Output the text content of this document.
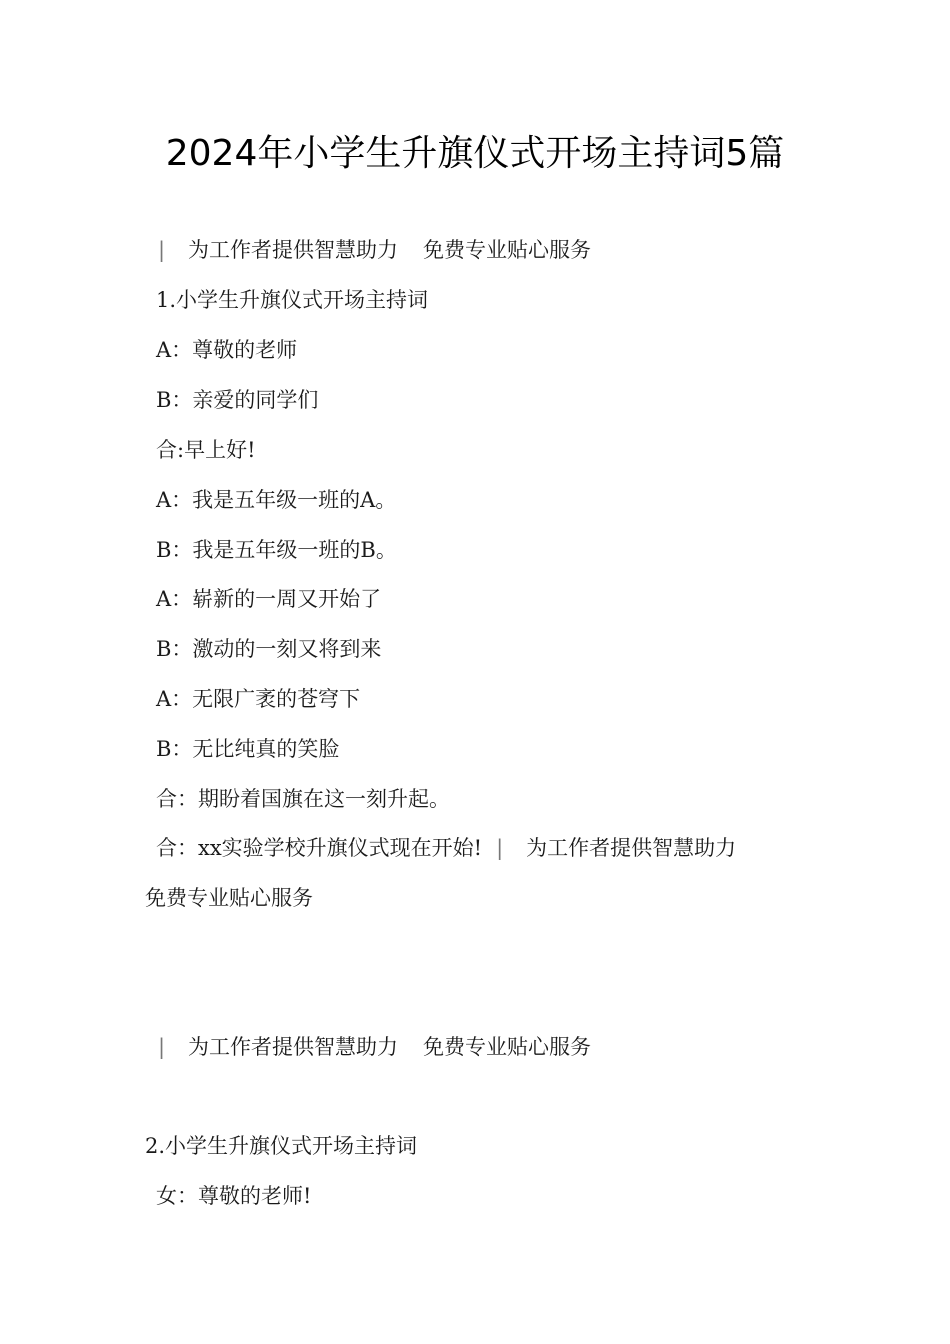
2024年小学生升旗仪式开场主持词5篇
| 为工作者提供智慧助力 免费专业贴心服务
1.小学生升旗仪式开场主持词
A：尊敬的老师
B：亲爱的同学们
合:早上好!
A：我是五年级一班的A。
B：我是五年级一班的B。
A：崭新的一周又开始了
B：激动的一刻又将到来
A：无限广袤的苍穹下
B：无比纯真的笑脸
合：期盼着国旗在这一刻升起。
合：xx实验学校升旗仪式现在开始! | 为工作者提供智慧助力
免费专业贴心服务
| 为工作者提供智慧助力 免费专业贴心服务
2.小学生升旗仪式开场主持词
女：尊敬的老师!
